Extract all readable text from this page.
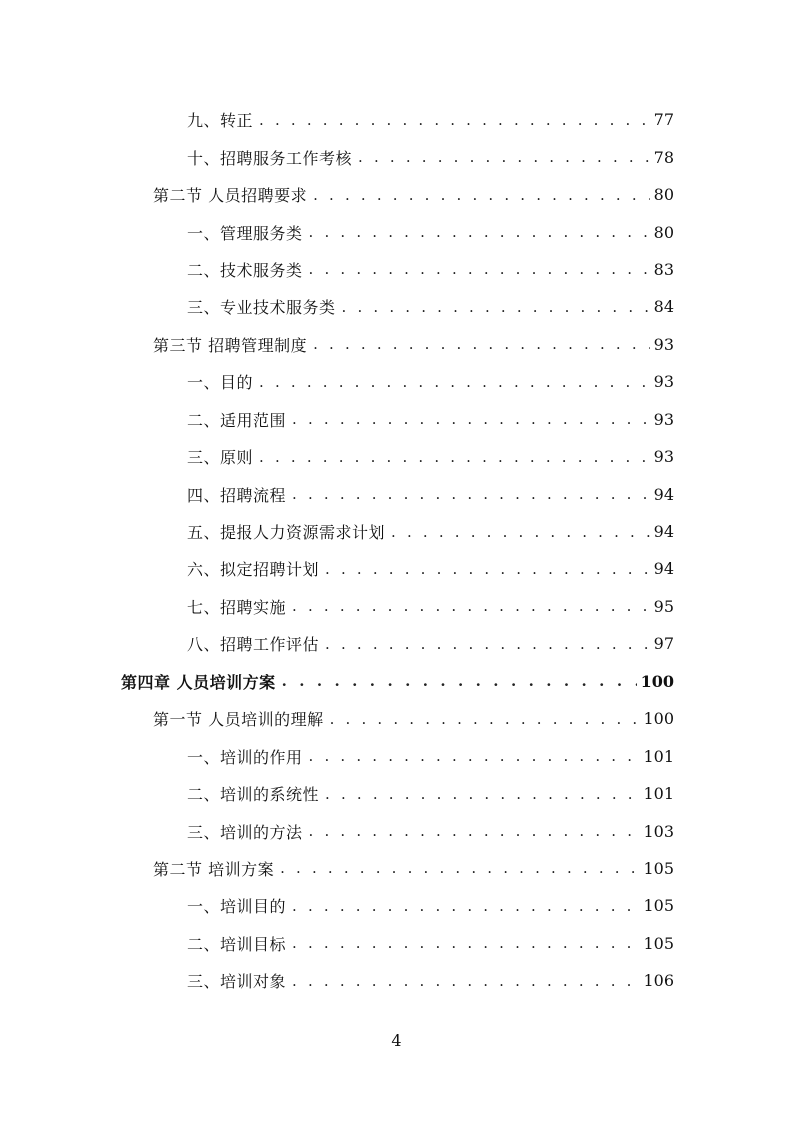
九、转正 . . .	77
十、招聘服务工作考核 . . .	78
第二节 人员招聘要求 . . .	80
一、管理服务类 . . .	80
二、技术服务类 . . .	83
三、专业技术服务类 . . .	84
第三节 招聘管理制度 . . .	93
一、目的 . . .	93
二、适用范围 . . .	93
三、原则 . . .	93
四、招聘流程 . . .	94
五、提报人力资源需求计划 . . .	94
六、拟定招聘计划 . . .	94
七、招聘实施 . . .	95
八、招聘工作评估 . . .	97
第四章 人员培训方案 . . .	100
第一节 人员培训的理解 . . .	100
一、培训的作用 . . .	101
二、培训的系统性 . . .	101
三、培训的方法 . . .	103
第二节 培训方案 . . .	105
一、培训目的 . . .	105
二、培训目标 . . .	105
三、培训对象 . . .	106
4
